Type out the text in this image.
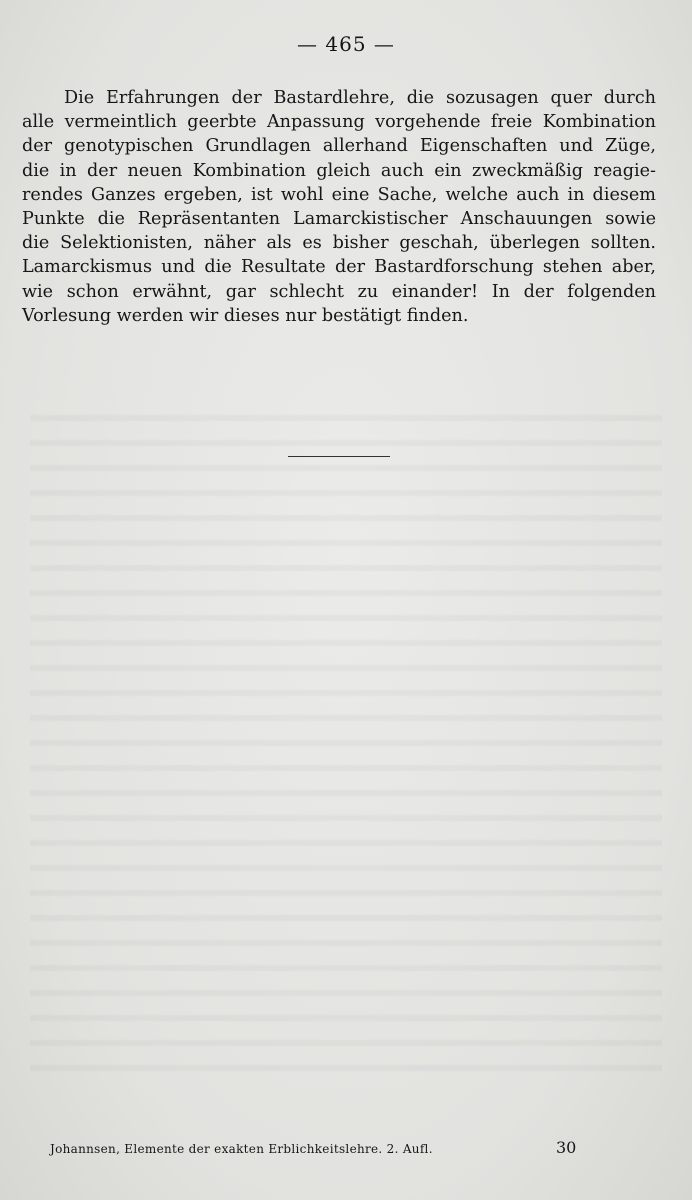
— 465 —

Die Erfahrungen der Bastardlehre, die sozusagen quer durch
alle vermeintlich geerbte Anpassung vorgehende freie Kombination
der genotypischen Grundlagen allerhand Eigenschaften und Züge,
die in der neuen Kombination gleich auch ein zweckmäßig reagie-
rendes Ganzes ergeben, ist wohl eine Sache, welche auch in diesem
Punkte die Repräsentanten Lamarckistischer Anschauungen sowie
die Selektionisten, näher als es bisher geschah, überlegen sollten.
Lamarckismus und die Resultate der Bastardforschung stehen aber,
wie schon erwähnt, gar schlecht zu einander! In der folgenden
Vorlesung werden wir dieses nur bestätigt finden.

Johannsen, Elemente der exakten Erblichkeitslehre. 2. Aufl.	30
